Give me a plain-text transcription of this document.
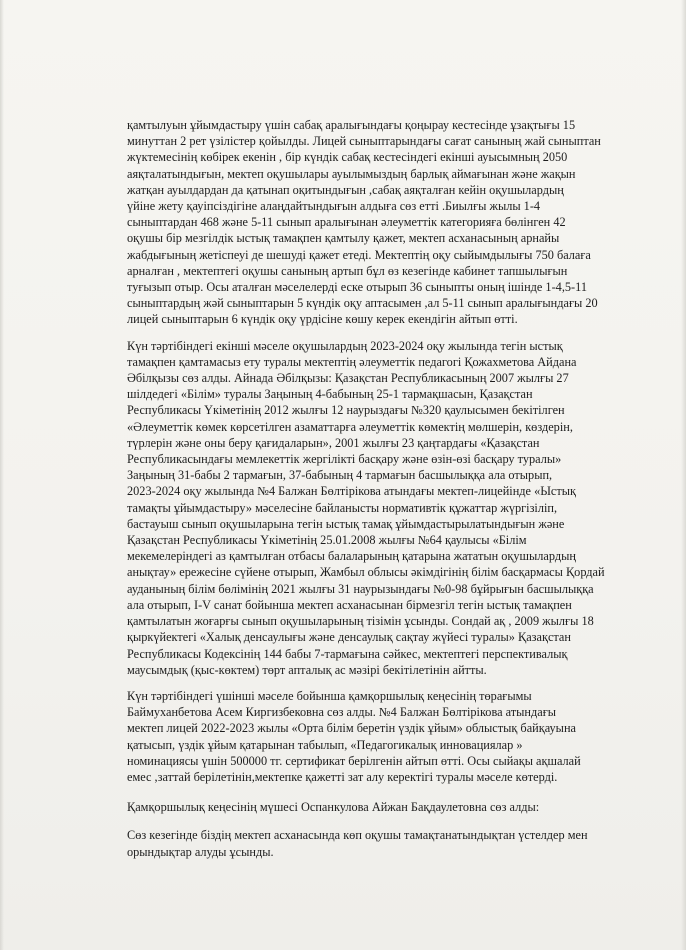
қамтылуын ұйымдастыру үшін сабақ аралығындағы қоңырау кестесінде ұзақтығы 15
минуттан 2 рет үзілістер қойылды. Лицей сыныптарындағы сағат санының жай сыныптан
жүктемесінің көбірек екенін , бір күндік сабақ кестесіндегі екінші ауысымның 2050
аяқталатындығын, мектеп оқушылары ауылымыздың барлық аймағынан және жақын
жатқан ауылдардан да қатынап оқитындығын ,сабақ аяқталған кейін оқушылардың
үйіне жету қауіпсіздігіне алаңдайтындығын алдыға сөз етті .Биылғы жылы 1-4
сыныптардан 468 және 5-11 сынып аралығынан әлеуметтік категорияға бөлінген 42
оқушы бір мезгілдік ыстық тамақпен қамтылу қажет, мектеп асханасының арнайы
жабдығының жетіспеуі де шешуді қажет етеді. Мектептің оқу сыйымдылығы 750 балаға
арналған , мектептегі оқушы санының артып бұл өз кезегінде кабинет тапшылығын
туғызып отыр. Осы аталған мәселелерді еске отырып 36 сыныпты оның ішінде 1-4,5-11
сыныптардың жәй сыныптарын 5 күндік оқу аптасымен ,ал 5-11 сынып аралығындағы 20
лицей сыныптарын 6 күндік оқу үрдісіне көшу керек екендігін айтып өтті.

Күн тәртібіндегі екінші мәселе оқушылардың 2023-2024 оқу жылында тегін ыстық
тамақпен қамтамасыз ету туралы мектептің әлеуметтік педагогі Қожахметова Айдана
Әбілқызы сөз алды. Айнада Әбілқызы: Қазақстан Республикасының 2007 жылғы 27
шілдедегі «Білім» туралы Заңының 4-бабының 25-1 тармақшасын, Қазақстан
Республикасы Үкіметінің 2012 жылғы 12 наурыздағы №320 қаулысымен бекітілген
«Әлеуметтік көмек көрсетілген азаматтарға әлеуметтік көмектің мөлшерін, көздерін,
түрлерін және оны беру қағидаларын», 2001 жылғы 23 қаңтардағы «Қазақстан
Республикасындағы мемлекеттік жергілікті басқару және өзін-өзі басқару туралы»
Заңының 31-бабы 2 тармағын, 37-бабының 4 тармағын басшылыққа ала отырып,
2023-2024 оқу жылында №4 Балжан Бөлтірікова атындағы мектеп-лицейінде «Ыстық
тамақты ұйымдастыру» мәселесіне байланысты нормативтік құжаттар жүргізіліп,
бастауыш сынып оқушыларына тегін ыстық тамақ ұйымдастырылатындығын және
Қазақстан Республикасы Үкіметінің 25.01.2008 жылғы №64 қаулысы «Білім
мекемелеріндегі аз қамтылған отбасы балаларының қатарына жататын оқушылардың
анықтау» ережесіне сүйене отырып, Жамбыл облысы әкімдігінің білім басқармасы Қордай
ауданының білім бөлімінің 2021 жылғы 31 наурызындағы №0-98 бұйрығын басшылыққа
ала отырып, I-V санат бойынша мектеп асханасынан бірмезгіл тегін ыстық тамақпен
қамтылатын жоғарғы сынып оқушыларының тізімін ұсынды. Сондай ақ , 2009 жылғы 18
қыркүйектегі «Халық денсаулығы және денсаулық сақтау жүйесі туралы» Қазақстан
Республикасы Кодексінің 144 бабы 7-тармағына сәйкес, мектептегі перспективалық
маусымдық (қыс-көктем) төрт апталық ас мәзірі бекітілетінін айтты.

Күн тәртібіндегі үшінші мәселе бойынша қамқоршылық кеңесінің төрағымы
Баймуханбетова Асем Киргизбековна сөз алды. №4 Балжан Бөлтірікова атындағы
мектеп лицей 2022-2023 жылы «Орта білім беретін үздік ұйым» облыстық байқауына
қатысып, үздік ұйым қатарынан табылып, «Педагогикалық инновациялар »
номинациясы үшін 500000 тг. сертификат берілгенін айтып өтті. Осы сыйақы ақшалай
емес ,заттай берілетінін,мектепке қажетті зат алу керектігі туралы мәселе көтерді.

Қамқоршылық кеңесінің мүшесі Оспанкулова Айжан Бақдаулетовна сөз алды:

Сөз кезегінде біздің мектеп асханасында көп оқушы тамақтанатындықтан үстелдер мен
орындықтар алуды ұсынды.
